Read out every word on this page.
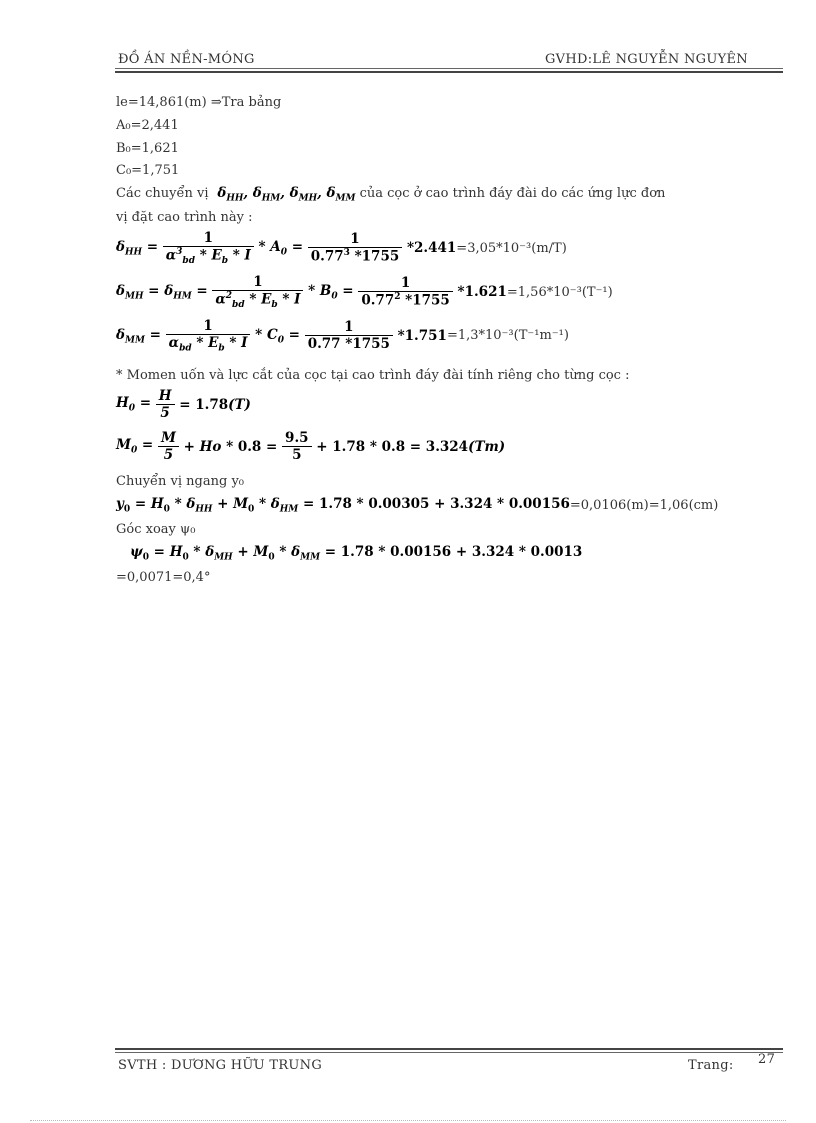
ĐỒ ÁN NỀN-MÓNG	GVHD:LÊ NGUYỄN NGUYÊN
le=14,861(m) ⇒Tra bảng
A₀=2,441
B₀=1,621
C₀=1,751
Các chuyển vị  $\delta_{HH}$, $\delta_{HM}$, $\delta_{MH}$, $\delta_{MM}$ của cọc ở cao trình đáy đài do các ứng lực đơn
vị đặt cao trình này :
$\delta_{HH} = \frac{1}{\alpha^3_{bd} * E_b * I} * A_0 = \frac{1}{0.77^3 *1755} *2.441 =3,05*10^{-3}(m/T)$
$\delta_{MH} = \delta_{HM} = \frac{1}{\alpha^2_{bd} * E_b * I} * B_0 = \frac{1}{0.77^2 *1755} *1.621 =1,56*10^{-3}(T^{-1})$
$\delta_{MM} = \frac{1}{\alpha_{bd} * E_b * I} * C_0 = \frac{1}{0.77 *1755} *1.751 =1,3*10^{-3}(T^{-1}m^{-1})$
* Momen uốn và lực cắt của cọc tại cao trình đáy đài tính riêng cho từng cọc :
$H_0 = \frac{H}{5} = 1.78(T)$
$M_0 = \frac{M}{5} + Ho * 0.8 = \frac{9.5}{5} + 1.78 * 0.8 = 3.324(Tm)$
Chuyển vị ngang y₀
$y_0 = H_0 * \delta_{HH} + M_0 * \delta_{HM} = 1.78 * 0.00305 + 3.324 * 0.00156 =0,0106(m)=1,06(cm)$
Góc xoay ψ₀
$\psi_0 = H_0 * \delta_{MH} + M_0 * \delta_{MM} = 1.78 * 0.00156 + 3.324 * 0.0013$
=0,0071=0,4°
SVTH : DƯƠNG HỮU TRUNG	Trang: 27
